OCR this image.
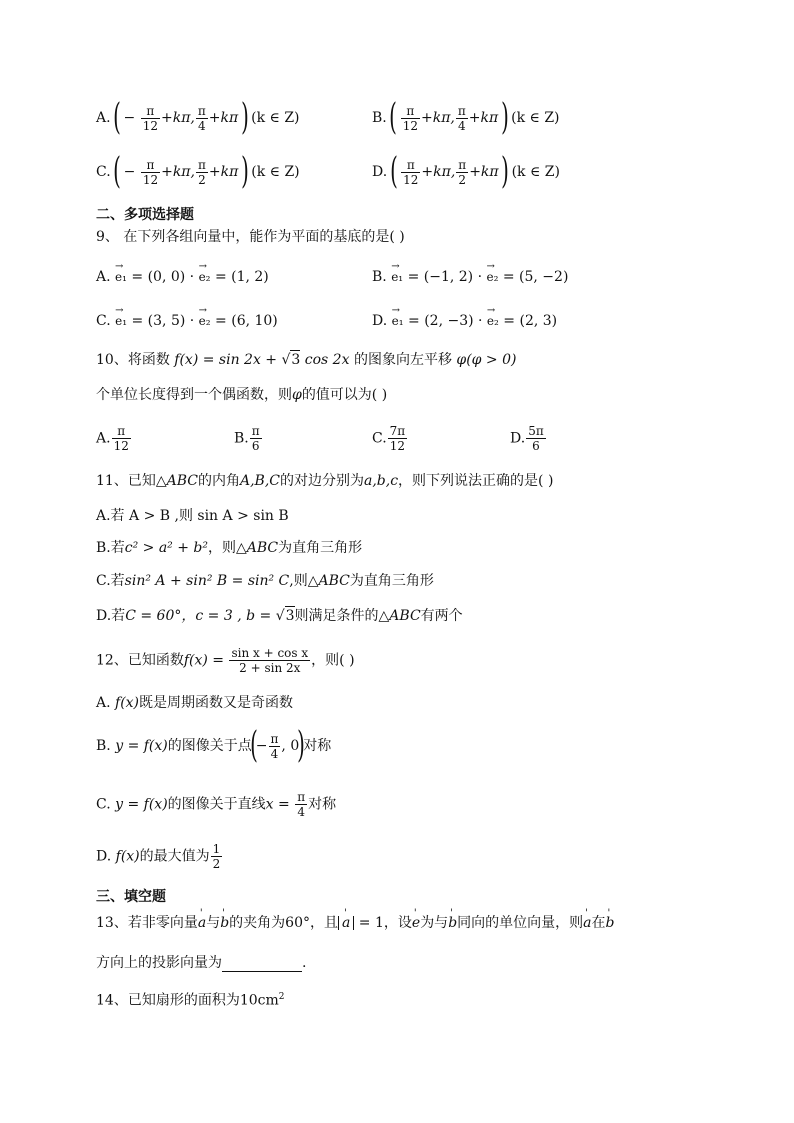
A. ( − $\frac{\pi}{12} +k\pi$, $\frac{\pi}{4} +k\pi$ ) (k ∈ Z)	B. ( $\frac{\pi}{12} +k\pi$, $\frac{\pi}{4} +k\pi$ ) (k ∈ Z)
C. ( − $\frac{\pi}{12} +k\pi$, $\frac{\pi}{2} +k\pi$ ) (k ∈ Z)	D. ( $\frac{\pi}{12} +k\pi$, $\frac{\pi}{2} +k\pi$ ) (k ∈ Z)
二、多项选择题
9、 在下列各组向量中，能作为平面的基底的是( )
A. → e₁ = (0, 0) · → e₂ = (1, 2)	B. → e₁ = (−1, 2) · → e₂ = (5, −2)
C. → e₁ = (3, 5) · → e₂ = (6, 10)	D. → e₁ = (2, −3) · → e₂ = (2, 3)
10、将函数 f(x) = sin 2x + √3 cos 2x 的图象向左平移 φ(φ > 0)
个单位长度得到一个偶函数，则φ的值可以为( )
A. $\frac{\pi}{12}$	B. $\frac{\pi}{6}$	C. $\frac{7\pi}{12}$	D. $\frac{5\pi}{6}$
11、已知△ABC的内角A,B,C的对边分别为a,b,c，则下列说法正确的是( )
A.若 A > B ,则 sin A > sin B
B.若c² > a² + b²，则△ABC为直角三角形
C.若sin² A + sin² B = sin² C,则△ABC为直角三角形
D.若C = 60°，c = 3 , b = √3则满足条件的△ABC有两个
12、已知函数$f(x) = \frac{\text{sin x + cos x}}{2 + \sin 2x}$ ，则( )
A. f(x)既是周期函数又是奇函数
B. y = f(x)的图像关于点(− $\frac{\pi}{4}$ , 0)对称
C. y = f(x)的图像关于直线$x = \frac{\pi}{4}$ 对称
D. f(x)的最大值为 $\frac{1}{2}$
三、填空题
13、若非零向量' a与' b的夹角为60°，且 ' a = 1，设' e为与' b同向的单位向量，则' a在' b
方向上的投影向量为	.
14、已知扇形的面积为$10cm^2$
